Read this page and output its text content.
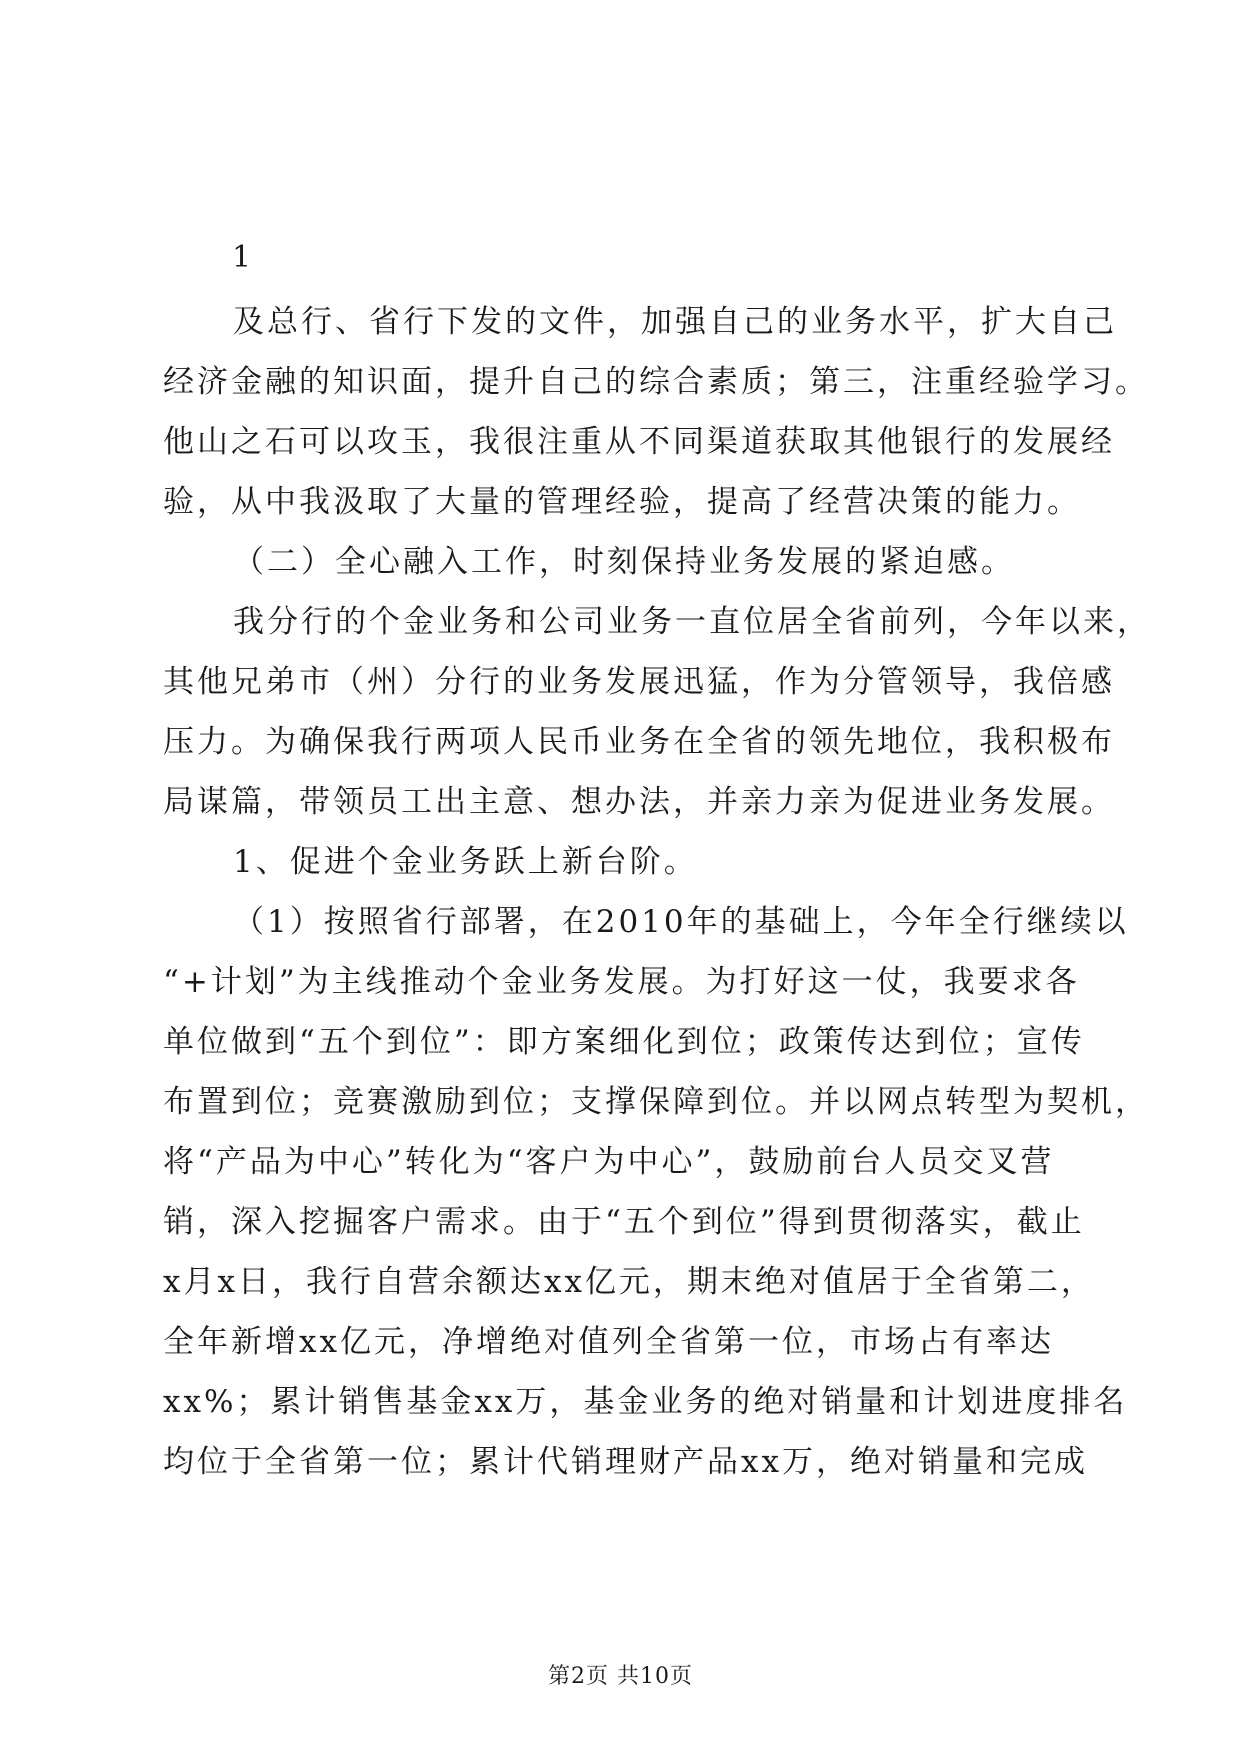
1
及总行、省行下发的文件，加强自己的业务水平，扩大自己
经济金融的知识面，提升自己的综合素质；第三，注重经验学习。
他山之石可以攻玉，我很注重从不同渠道获取其他银行的发展经
验，从中我汲取了大量的管理经验，提高了经营决策的能力。
（二）全心融入工作，时刻保持业务发展的紧迫感。
我分行的个金业务和公司业务一直位居全省前列，今年以来，
其他兄弟市（州）分行的业务发展迅猛，作为分管领导，我倍感
压力。为确保我行两项人民币业务在全省的领先地位，我积极布
局谋篇，带领员工出主意、想办法，并亲力亲为促进业务发展。
1、促进个金业务跃上新台阶。
（1）按照省行部署，在2010年的基础上，今年全行继续以
“+计划”为主线推动个金业务发展。为打好这一仗，我要求各
单位做到“五个到位”：即方案细化到位；政策传达到位；宣传
布置到位；竞赛激励到位；支撑保障到位。并以网点转型为契机，
将“产品为中心”转化为“客户为中心”，鼓励前台人员交叉营
销，深入挖掘客户需求。由于“五个到位”得到贯彻落实，截止
x月x日，我行自营余额达xx亿元，期末绝对值居于全省第二，
全年新增xx亿元，净增绝对值列全省第一位，市场占有率达
xx%；累计销售基金xx万，基金业务的绝对销量和计划进度排名
均位于全省第一位；累计代销理财产品xx万，绝对销量和完成
第2页 共10页
